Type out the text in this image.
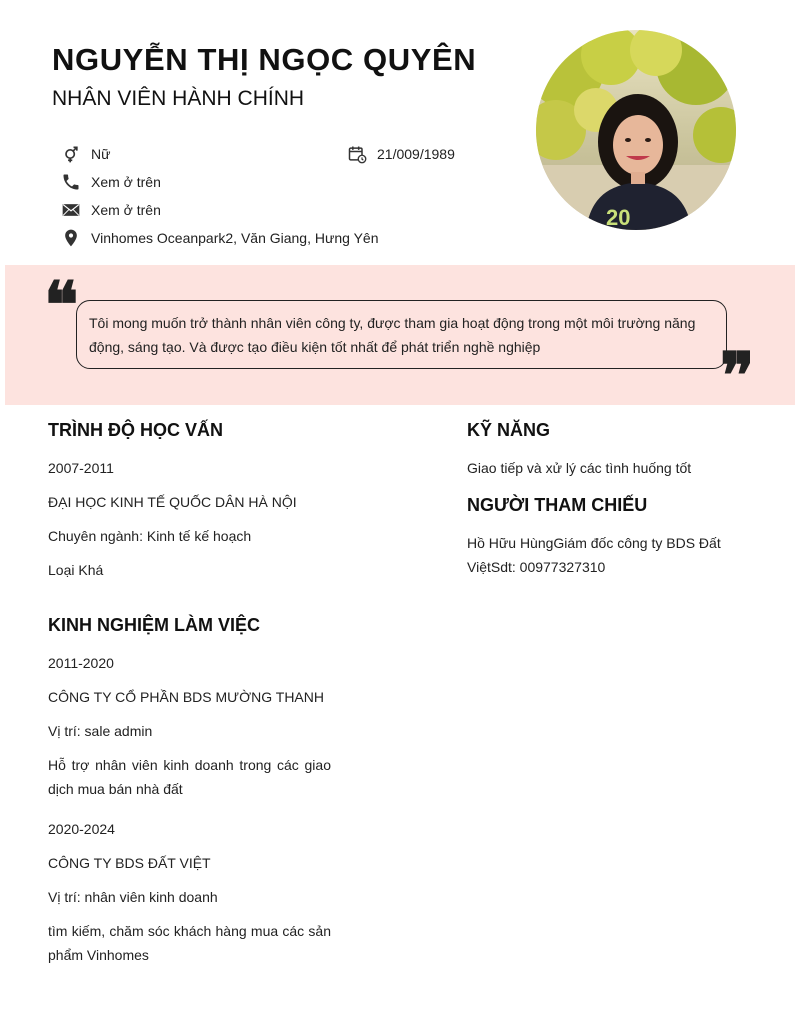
NGUYỄN THỊ NGỌC QUYÊN
NHÂN VIÊN HÀNH CHÍNH
Nữ	21/009/1989
Xem ở trên
Xem ở trên
Vinhomes Oceanpark2, Văn Giang, Hưng Yên
20
❝ Tôi mong muốn trở thành nhân viên công ty, được tham gia hoạt động trong một môi trường năng động, sáng tạo. Và được tạo điều kiện tốt nhất để phát triển nghề nghiệp	❞
TRÌNH ĐỘ HỌC VẤN
2007-2011
ĐẠI HỌC KINH TẾ QUỐC DÂN HÀ NỘI
Chuyên ngành: Kinh tế kế hoạch
Loại Khá
KINH NGHIỆM LÀM VIỆC
2011-2020
CÔNG TY CỔ PHẦN BDS MƯỜNG THANH
Vị trí: sale admin
Hỗ trợ nhân viên kinh doanh trong các giao dịch mua bán nhà đất
2020-2024
CÔNG TY BDS ĐẤT VIỆT
Vị trí: nhân viên kinh doanh
tìm kiếm, chăm sóc khách hàng mua các sản phẩm Vinhomes
KỸ NĂNG
Giao tiếp và xử lý các tình huống tốt
NGƯỜI THAM CHIẾU
Hồ Hữu HùngGiám đốc công ty BDS Đất ViệtSdt: 00977327310
